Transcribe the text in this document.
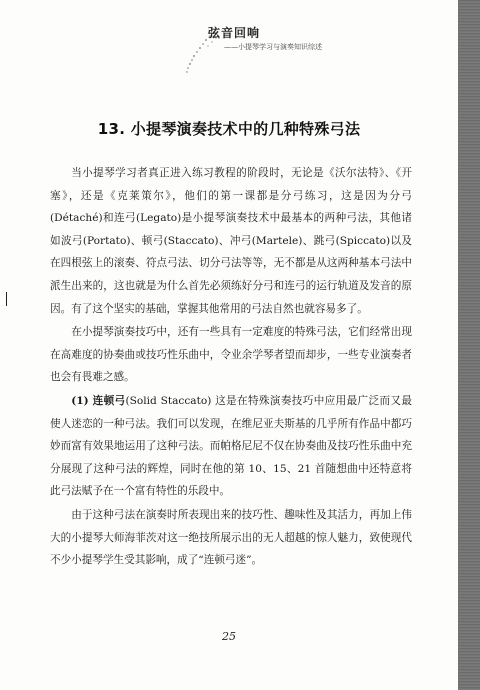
弦音回响
——小提琴学习与演奏知识综述
13. 小提琴演奏技术中的几种特殊弓法

当小提琴学习者真正进入练习教程的阶段时，无论是《沃尔法特》、《开塞》，还是《克莱策尔》，他们的第一课都是分弓练习，这是因为分弓(Détaché)和连弓(Legato)是小提琴演奏技术中最基本的两种弓法，其他诸如波弓(Portato)、顿弓(Staccato)、冲弓(Martele)、跳弓(Spiccato)以及在四根弦上的滚奏、符点弓法、切分弓法等等，无不都是从这两种基本弓法中派生出来的，这也就是为什么首先必须练好分弓和连弓的运行轨道及发音的原因。有了这个坚实的基础，掌握其他常用的弓法自然也就容易多了。

在小提琴演奏技巧中，还有一些具有一定难度的特殊弓法，它们经常出现在高难度的协奏曲或技巧性乐曲中，令业余学琴者望而却步，一些专业演奏者也会有畏难之感。

(1) 连顿弓(Solid Staccato) 这是在特殊演奏技巧中应用最广泛而又最使人迷恋的一种弓法。我们可以发现，在维尼亚夫斯基的几乎所有作品中都巧妙而富有效果地运用了这种弓法。而帕格尼尼不仅在协奏曲及技巧性乐曲中充分展现了这种弓法的辉煌，同时在他的第 10、15、21 首随想曲中还特意将此弓法赋予在一个富有特性的乐段中。

由于这种弓法在演奏时所表现出来的技巧性、趣味性及其活力，再加上伟大的小提琴大师海菲茨对这一绝技所展示出的无人超越的惊人魅力，致使现代不少小提琴学生受其影响，成了“连顿弓迷”。

25
